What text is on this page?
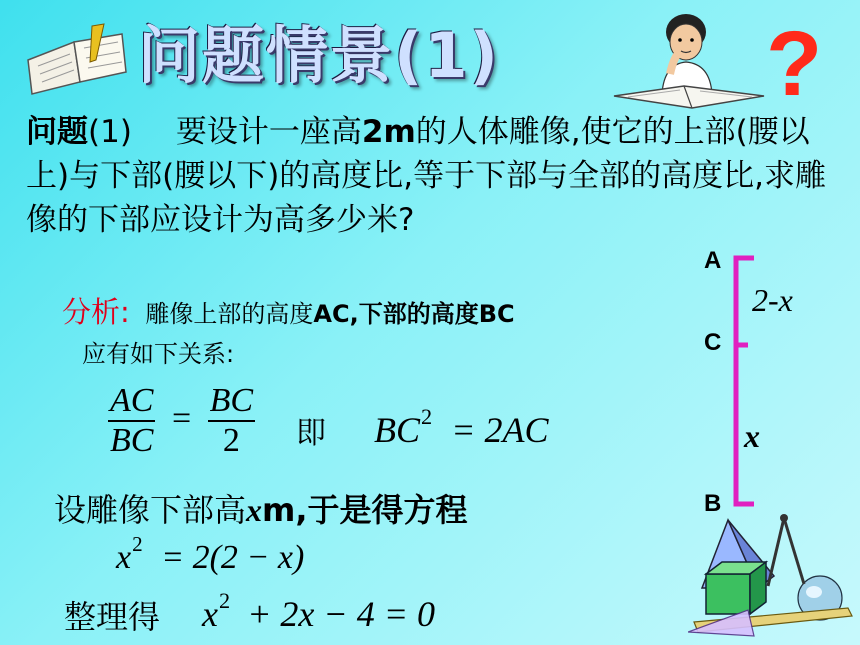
问题情景(1)	?
问题(1) 要设计一座高2m的人体雕像,使它的上部(腰以上)与下部(腰以下)的高度比,等于下部与全部的高度比,求雕像的下部应设计为高多少米?
分析: 雕像上部的高度AC,下部的高度BC
应有如下关系:
$\frac{AC}{BC} = \frac{BC}{2}$ 即 $BC^2 = 2AC$
设雕像下部高xm,于是得方程
$x^2 = 2(2 - x)$
整理得 $x^2 + 2x - 4 = 0$
A
C
B
2-x
x
